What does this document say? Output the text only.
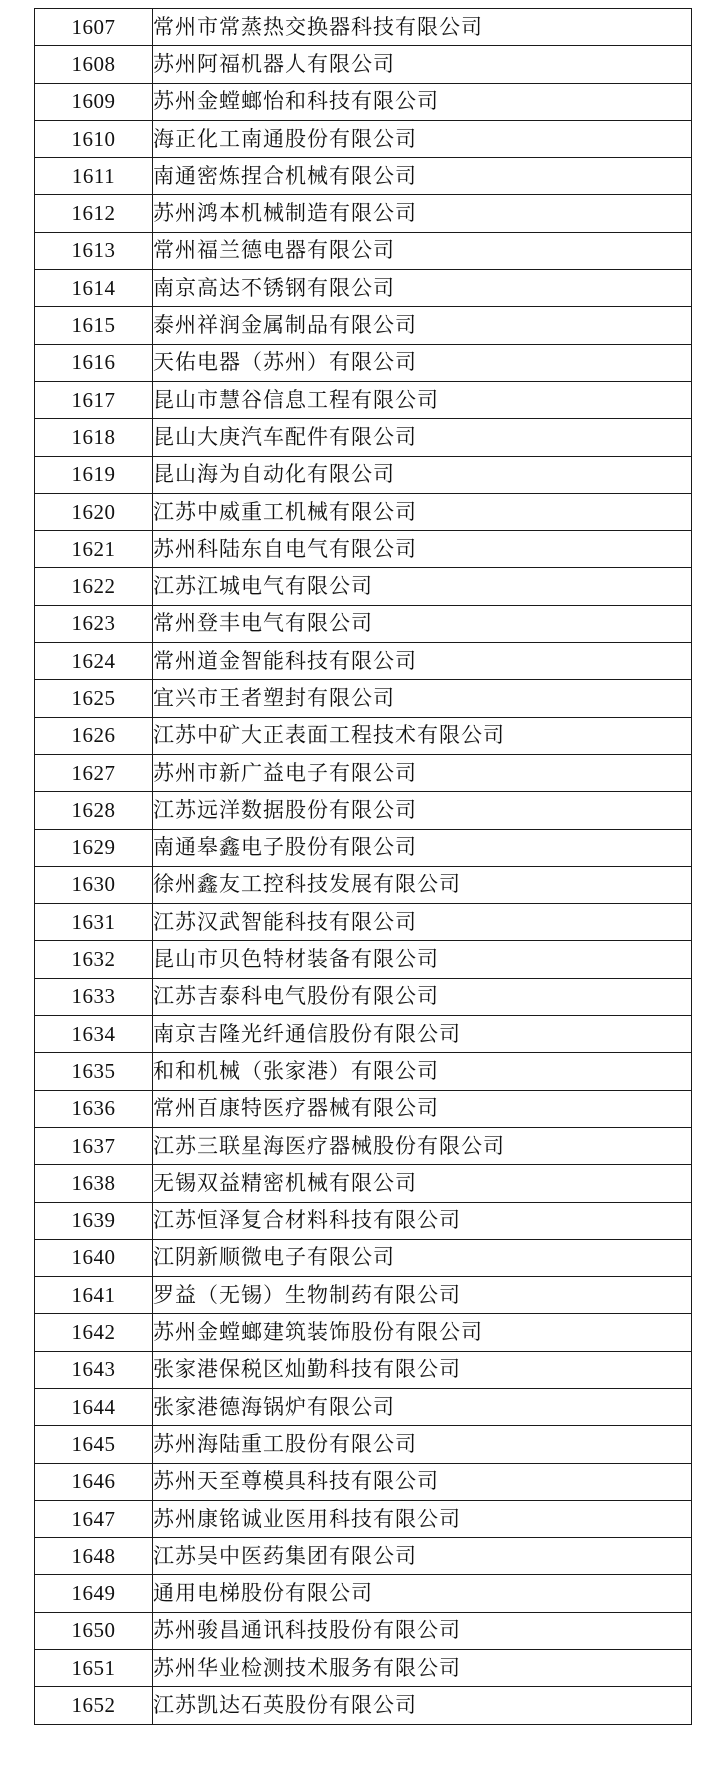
1607	常州市常蒸热交换器科技有限公司
1608	苏州阿福机器人有限公司
1609	苏州金螳螂怡和科技有限公司
1610	海正化工南通股份有限公司
1611	南通密炼捏合机械有限公司
1612	苏州鸿本机械制造有限公司
1613	常州福兰德电器有限公司
1614	南京高达不锈钢有限公司
1615	泰州祥润金属制品有限公司
1616	天佑电器（苏州）有限公司
1617	昆山市慧谷信息工程有限公司
1618	昆山大庚汽车配件有限公司
1619	昆山海为自动化有限公司
1620	江苏中威重工机械有限公司
1621	苏州科陆东自电气有限公司
1622	江苏江城电气有限公司
1623	常州登丰电气有限公司
1624	常州道金智能科技有限公司
1625	宜兴市王者塑封有限公司
1626	江苏中矿大正表面工程技术有限公司
1627	苏州市新广益电子有限公司
1628	江苏远洋数据股份有限公司
1629	南通皋鑫电子股份有限公司
1630	徐州鑫友工控科技发展有限公司
1631	江苏汉武智能科技有限公司
1632	昆山市贝色特材装备有限公司
1633	江苏吉泰科电气股份有限公司
1634	南京吉隆光纤通信股份有限公司
1635	和和机械（张家港）有限公司
1636	常州百康特医疗器械有限公司
1637	江苏三联星海医疗器械股份有限公司
1638	无锡双益精密机械有限公司
1639	江苏恒泽复合材料科技有限公司
1640	江阴新顺微电子有限公司
1641	罗益（无锡）生物制药有限公司
1642	苏州金螳螂建筑装饰股份有限公司
1643	张家港保税区灿勤科技有限公司
1644	张家港德海锅炉有限公司
1645	苏州海陆重工股份有限公司
1646	苏州天至尊模具科技有限公司
1647	苏州康铭诚业医用科技有限公司
1648	江苏吴中医药集团有限公司
1649	通用电梯股份有限公司
1650	苏州骏昌通讯科技股份有限公司
1651	苏州华业检测技术服务有限公司
1652	江苏凯达石英股份有限公司
